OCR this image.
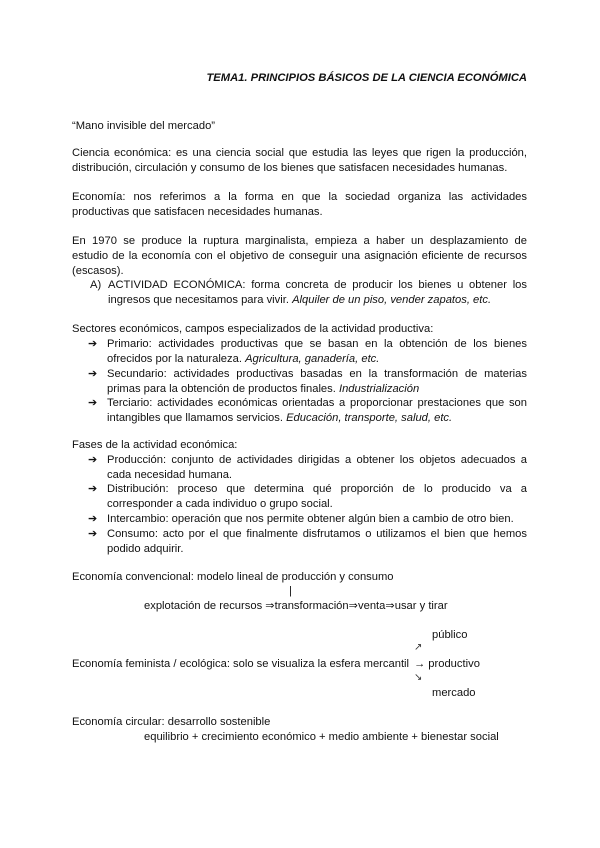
TEMA1. PRINCIPIOS BÁSICOS DE LA CIENCIA ECONÓMICA
“Mano invisible del mercado”
Ciencia económica: es una ciencia social que estudia las leyes que rigen la producción, distribución, circulación y consumo de los bienes que satisfacen necesidades humanas.
Economía: nos referimos a la forma en que la sociedad organiza las actividades productivas que satisfacen necesidades humanas.
En 1970 se produce la ruptura marginalista, empieza a haber un desplazamiento de estudio de la economía con el objetivo de conseguir una asignación eficiente de recursos (escasos).
A) ACTIVIDAD ECONÓMICA: forma concreta de producir los bienes u obtener los ingresos que necesitamos para vivir. Alquiler de un piso, vender zapatos, etc.
Sectores económicos, campos especializados de la actividad productiva:
➔ Primario: actividades productivas que se basan en la obtención de los bienes ofrecidos por la naturaleza. Agricultura, ganadería, etc.
➔ Secundario: actividades productivas basadas en la transformación de materias primas para la obtención de productos finales. Industrialización
➔ Terciario: actividades económicas orientadas a proporcionar prestaciones que son intangibles que llamamos servicios. Educación, transporte, salud, etc.
Fases de la actividad económica:
➔ Producción: conjunto de actividades dirigidas a obtener los objetos adecuados a cada necesidad humana.
➔ Distribución: proceso que determina qué proporción de lo producido va a corresponder a cada individuo o grupo social.
➔ Intercambio: operación que nos permite obtener algún bien a cambio de otro bien.
➔ Consumo: acto por el que finalmente disfrutamos o utilizamos el bien que hemos podido adquirir.
Economía convencional: modelo lineal de producción y consumo
|
explotación de recursos ⇒transformación⇒venta⇒usar y tirar
público
↗
Economía feminista / ecológica: solo se visualiza la esfera mercantil → productivo
↘
mercado
Economía circular: desarrollo sostenible
equilibrio + crecimiento económico + medio ambiente + bienestar social
